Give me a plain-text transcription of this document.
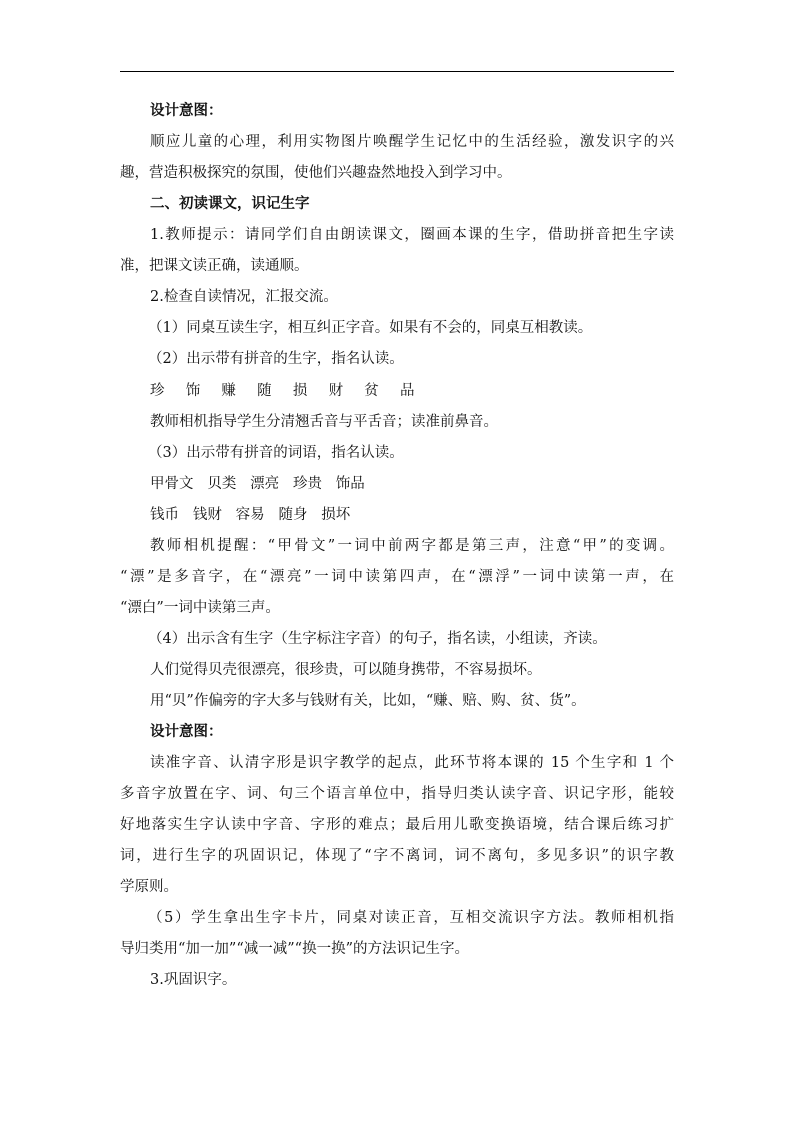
设计意图：
顺应儿童的心理，利用实物图片唤醒学生记忆中的生活经验，激发识字的兴
趣，营造积极探究的氛围，使他们兴趣盎然地投入到学习中。
二、初读课文，识记生字
1.教师提示：请同学们自由朗读课文，圈画本课的生字，借助拼音把生字读
准，把课文读正确，读通顺。
2.检查自读情况，汇报交流。
（1）同桌互读生字，相互纠正字音。如果有不会的，同桌互相教读。
（2）出示带有拼音的生字，指名认读。
珍  饰  赚  随  损  财  贫  品
教师相机指导学生分清翘舌音与平舌音；读准前鼻音。
（3）出示带有拼音的词语，指名认读。
甲骨文   贝类   漂亮   珍贵   饰品
钱币   钱财   容易   随身   损坏
教师相机提醒：“甲骨文”一词中前两字都是第三声，注意“甲”的变调。
“漂”是多音字，在“漂亮”一词中读第四声，在“漂浮”一词中读第一声，在
“漂白”一词中读第三声。
（4）出示含有生字（生字标注字音）的句子，指名读，小组读，齐读。
人们觉得贝壳很漂亮，很珍贵，可以随身携带，不容易损坏。
用“贝”作偏旁的字大多与钱财有关，比如，“赚、赔、购、贫、货”。
设计意图：
读准字音、认清字形是识字教学的起点，此环节将本课的 15 个生字和 1 个
多音字放置在字、词、句三个语言单位中，指导归类认读字音、识记字形，能较
好地落实生字认读中字音、字形的难点；最后用儿歌变换语境，结合课后练习扩
词，进行生字的巩固识记，体现了“字不离词，词不离句，多见多识”的识字教
学原则。
（5）学生拿出生字卡片，同桌对读正音，互相交流识字方法。教师相机指
导归类用“加一加”“减一减”“换一换”的方法识记生字。
3.巩固识字。
